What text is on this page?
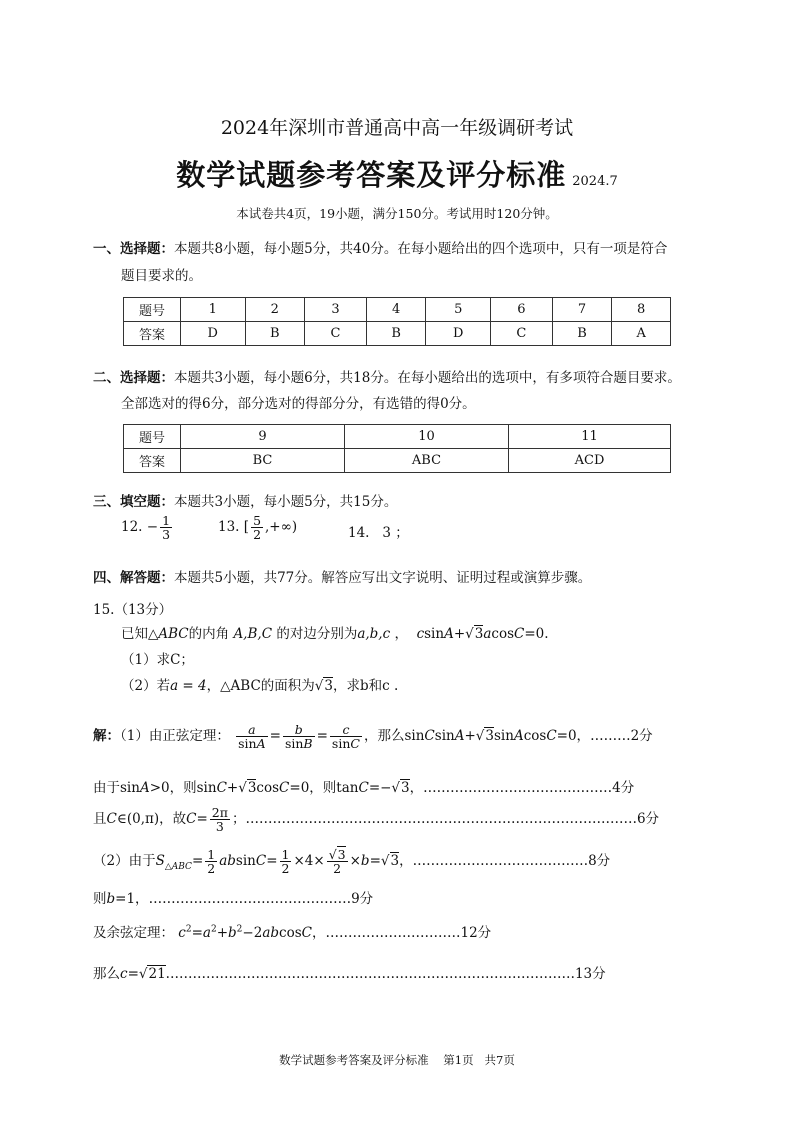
2024年深圳市普通高中高一年级调研考试
数学试题参考答案及评分标准 2024.7
本试卷共4页，19小题，满分150分。考试用时120分钟。
一、选择题：本题共8小题，每小题5分，共40分。在每小题给出的四个选项中，只有一项是符合
题目要求的。
题号	1	2	3	4	5	6	7	8
答案	D	B	C	B	D	C	B	A
二、选择题：本题共3小题，每小题6分，共18分。在每小题给出的选项中，有多项符合题目要求。
全部选对的得6分，部分选对的得部分分，有选错的得0分。
题号	9	10	11
答案	BC	ABC	ACD
三、填空题：本题共3小题，每小题5分，共15分。
12. − $\frac{1}{3}$	13. [ $\frac{5}{2}$ ,+∞)	14. 3 ；
四、解答题：本题共5小题，共77分。解答应写出文字说明、证明过程或演算步骤。
15.（13分）
已知△ABC的内角 A,B,C 的对边分别为a,b,c ， csinA+√3acosC=0.
（1）求C；
（2）若a = 4，△ABC的面积为√3，求b和c .
解：（1）由正弦定理： $\frac{a}{\sin A} = \frac{b}{\sin B} = \frac{c}{\sin C}$ ，那么sinCsinA+√3sinAcosC=0，………2分
由于sinA>0，则sinC+√3cosC=0，则tanC=−√3，……………………………………4分
且C∈(0,π)，故$C= \frac{2\pi}{3}$ ；……………………………………………………………………………6分
（2）由于$S_{\triangle ABC}= \frac{1}{2} absinC= \frac{1}{2} \times 4\times \frac{√3}{2} \times b=√3$，…………………………………8分
则b=1，………………………………………9分
及余弦定理： $c^2=a^2+b^2-2abcosC$，…………………………12分
那么c=√21.………………………………………………………………………………13分
数学试题参考答案及评分标准 第1页 共7页
